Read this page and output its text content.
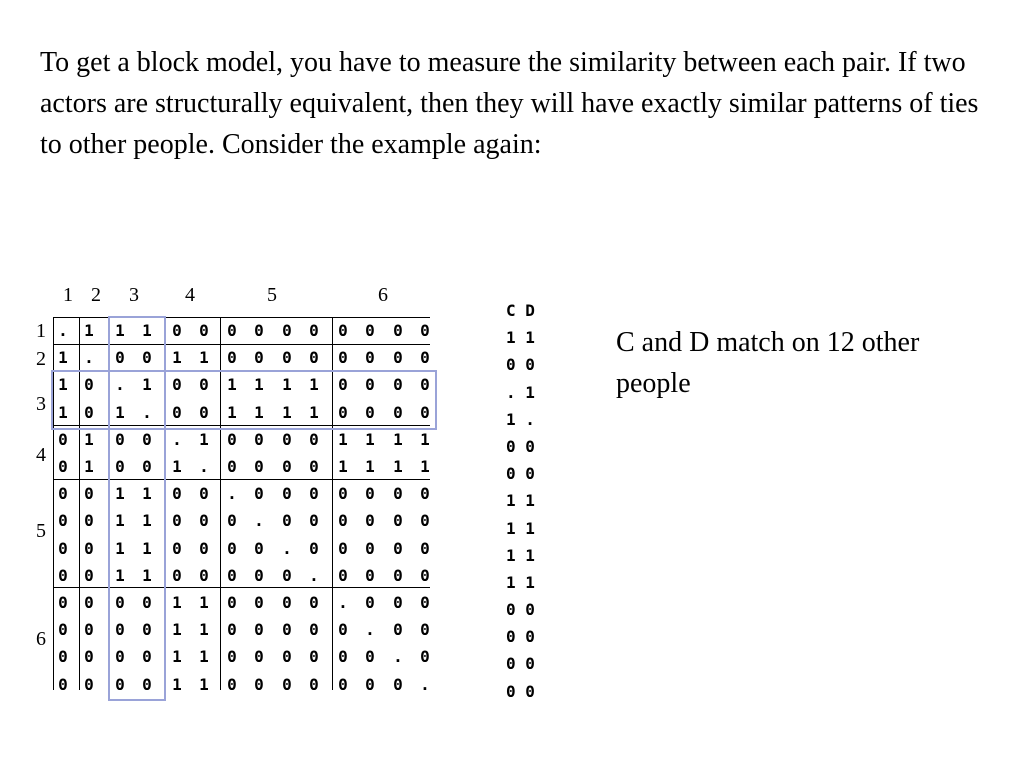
To get a block model, you have to measure the similarity between each pair. If two actors are structurally equivalent, then they will have exactly similar patterns of ties to other people. Consider the example again:

1 2 3 4	5	6
1
2
3
4
5
6
.	1	1	1	0	0	0	0	0	0	0	0	0	0
1	.	0	0	1	1	0	0	0	0	0	0	0	0
1	0	.	1	0	0	1	1	1	1	0	0	0	0
1	0	1	.	0	0	1	1	1	1	0	0	0	0
0	1	0	0	.	1	0	0	0	0	1	1	1	1
0	1	0	0	1	.	0	0	0	0	1	1	1	1
0	0	1	1	0	0	.	0	0	0	0	0	0	0
0	0	1	1	0	0	0	.	0	0	0	0	0	0
0	0	1	1	0	0	0	0	.	0	0	0	0	0
0	0	1	1	0	0	0	0	0	.	0	0	0	0
0	0	0	0	1	1	0	0	0	0	.	0	0	0
0	0	0	0	1	1	0	0	0	0	0	.	0	0
0	0	0	0	1	1	0	0	0	0	0	0	.	0
0	0	0	0	1	1	0	0	0	0	0	0	0	.
C D
1 1
0 0
. 1
1 .
0 0
0 0
1 1
1 1
1 1
1 1
0 0
0 0
0 0
0 0

C and D match on 12 other people
